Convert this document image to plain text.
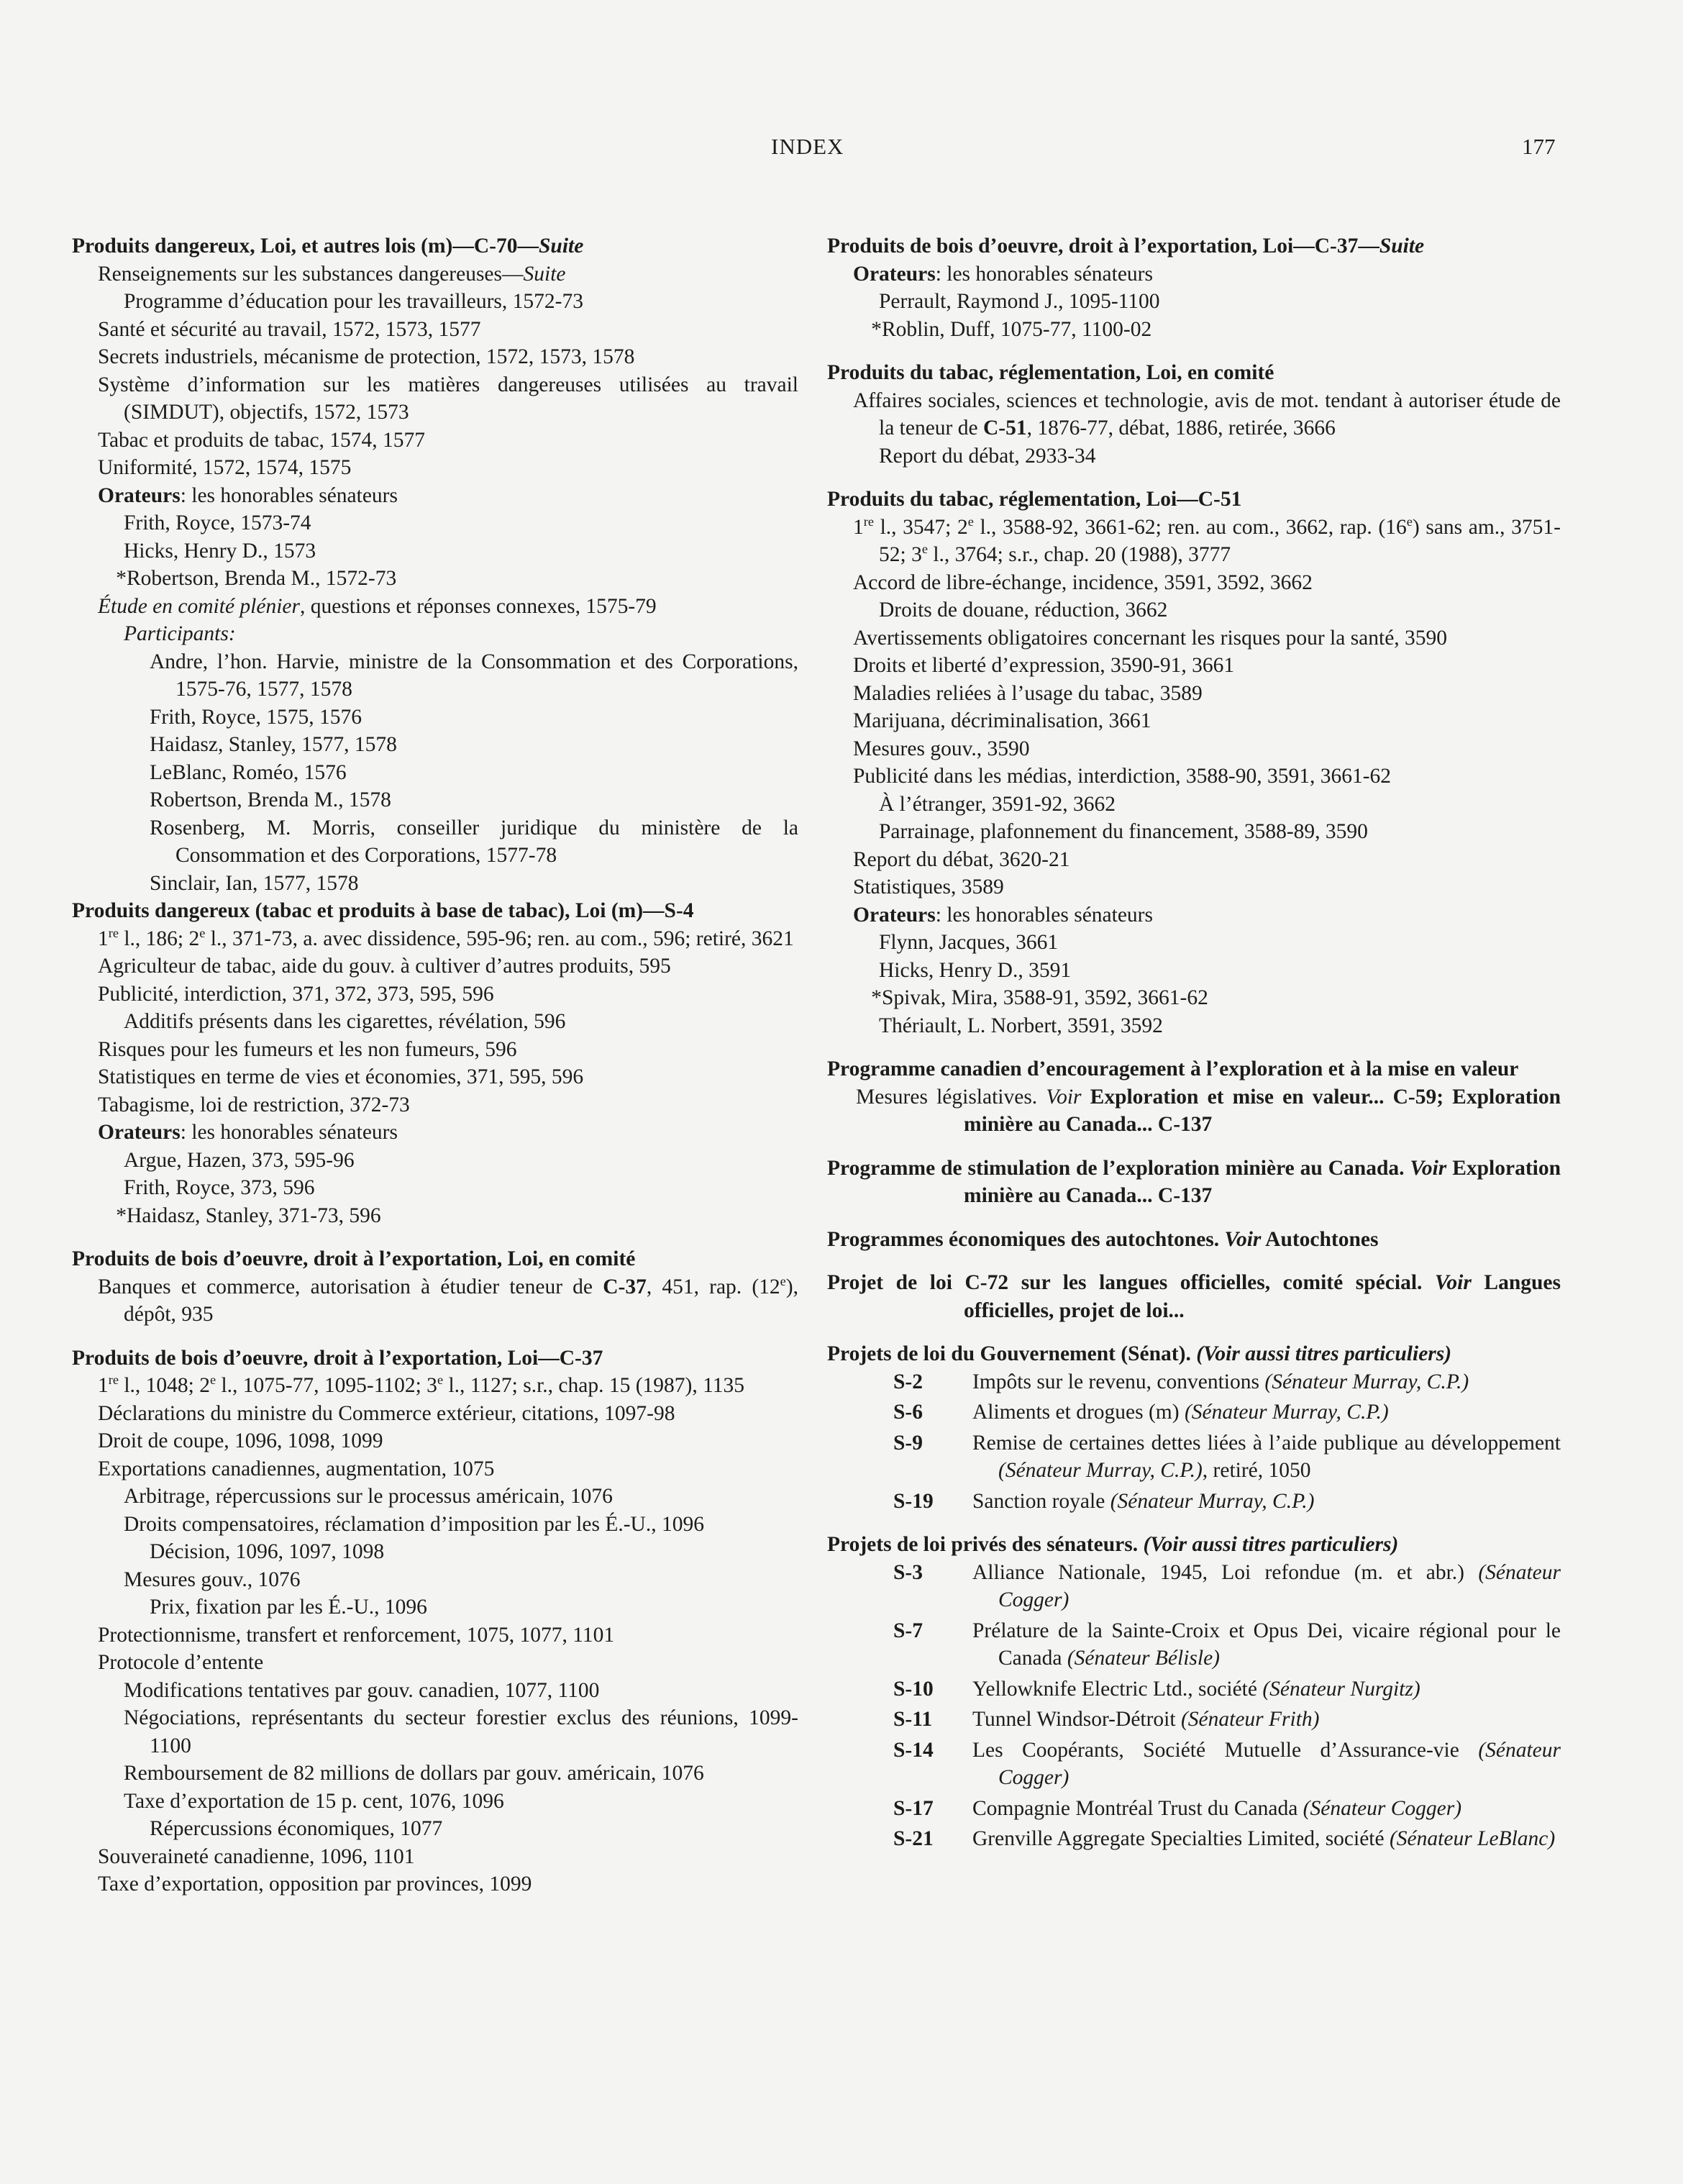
INDEX	177
Produits dangereux, Loi, et autres lois (m)—C-70—Suite
Renseignements sur les substances dangereuses—Suite
Programme d’éducation pour les travailleurs, 1572-73
Santé et sécurité au travail, 1572, 1573, 1577
Secrets industriels, mécanisme de protection, 1572, 1573, 1578
Système d’information sur les matières dangereuses utilisées au travail (SIMDUT), objectifs, 1572, 1573
Tabac et produits de tabac, 1574, 1577
Uniformité, 1572, 1574, 1575
Orateurs: les honorables sénateurs
Frith, Royce, 1573-74
Hicks, Henry D., 1573
*Robertson, Brenda M., 1572-73
Étude en comité plénier, questions et réponses connexes, 1575-79
Participants:
Andre, l’hon. Harvie, ministre de la Consommation et des Corporations, 1575-76, 1577, 1578
Frith, Royce, 1575, 1576
Haidasz, Stanley, 1577, 1578
LeBlanc, Roméo, 1576
Robertson, Brenda M., 1578
Rosenberg, M. Morris, conseiller juridique du ministère de la Consommation et des Corporations, 1577-78
Sinclair, Ian, 1577, 1578
Produits dangereux (tabac et produits à base de tabac), Loi (m)—S-4
1re l., 186; 2e l., 371-73, a. avec dissidence, 595-96; ren. au com., 596; retiré, 3621
Agriculteur de tabac, aide du gouv. à cultiver d’autres produits, 595
Publicité, interdiction, 371, 372, 373, 595, 596
Additifs présents dans les cigarettes, révélation, 596
Risques pour les fumeurs et les non fumeurs, 596
Statistiques en terme de vies et économies, 371, 595, 596
Tabagisme, loi de restriction, 372-73
Orateurs: les honorables sénateurs
Argue, Hazen, 373, 595-96
Frith, Royce, 373, 596
*Haidasz, Stanley, 371-73, 596
Produits de bois d’oeuvre, droit à l’exportation, Loi, en comité
Banques et commerce, autorisation à étudier teneur de C-37, 451, rap. (12e), dépôt, 935
Produits de bois d’oeuvre, droit à l’exportation, Loi—C-37
1re l., 1048; 2e l., 1075-77, 1095-1102; 3e l., 1127; s.r., chap. 15 (1987), 1135
Déclarations du ministre du Commerce extérieur, citations, 1097-98
Droit de coupe, 1096, 1098, 1099
Exportations canadiennes, augmentation, 1075
Arbitrage, répercussions sur le processus américain, 1076
Droits compensatoires, réclamation d’imposition par les É.-U., 1096
Décision, 1096, 1097, 1098
Mesures gouv., 1076
Prix, fixation par les É.-U., 1096
Protectionnisme, transfert et renforcement, 1075, 1077, 1101
Protocole d’entente
Modifications tentatives par gouv. canadien, 1077, 1100
Négociations, représentants du secteur forestier exclus des réunions, 1099-1100
Remboursement de 82 millions de dollars par gouv. américain, 1076
Taxe d’exportation de 15 p. cent, 1076, 1096
Répercussions économiques, 1077
Souveraineté canadienne, 1096, 1101
Taxe d’exportation, opposition par provinces, 1099
Produits de bois d’oeuvre, droit à l’exportation, Loi—C-37—Suite
Orateurs: les honorables sénateurs
Perrault, Raymond J., 1095-1100
*Roblin, Duff, 1075-77, 1100-02
Produits du tabac, réglementation, Loi, en comité
Affaires sociales, sciences et technologie, avis de mot. tendant à autoriser étude de la teneur de C-51, 1876-77, débat, 1886, retirée, 3666
Report du débat, 2933-34
Produits du tabac, réglementation, Loi—C-51
1re l., 3547; 2e l., 3588-92, 3661-62; ren. au com., 3662, rap. (16e) sans am., 3751-52; 3e l., 3764; s.r., chap. 20 (1988), 3777
Accord de libre-échange, incidence, 3591, 3592, 3662
Droits de douane, réduction, 3662
Avertissements obligatoires concernant les risques pour la santé, 3590
Droits et liberté d’expression, 3590-91, 3661
Maladies reliées à l’usage du tabac, 3589
Marijuana, décriminalisation, 3661
Mesures gouv., 3590
Publicité dans les médias, interdiction, 3588-90, 3591, 3661-62
À l’étranger, 3591-92, 3662
Parrainage, plafonnement du financement, 3588-89, 3590
Report du débat, 3620-21
Statistiques, 3589
Orateurs: les honorables sénateurs
Flynn, Jacques, 3661
Hicks, Henry D., 3591
*Spivak, Mira, 3588-91, 3592, 3661-62
Thériault, L. Norbert, 3591, 3592
Programme canadien d’encouragement à l’exploration et à la mise en valeur
Mesures législatives. Voir Exploration et mise en valeur... C-59; Exploration minière au Canada... C-137
Programme de stimulation de l’exploration minière au Canada. Voir Exploration minière au Canada... C-137
Programmes économiques des autochtones. Voir Autochtones
Projet de loi C-72 sur les langues officielles, comité spécial. Voir Langues officielles, projet de loi...
Projets de loi du Gouvernement (Sénat). (Voir aussi titres particuliers)
S-2	Impôts sur le revenu, conventions (Sénateur Murray, C.P.)
S-6	Aliments et drogues (m) (Sénateur Murray, C.P.)
S-9	Remise de certaines dettes liées à l’aide publique au développement (Sénateur Murray, C.P.), retiré, 1050
S-19	Sanction royale (Sénateur Murray, C.P.)
Projets de loi privés des sénateurs. (Voir aussi titres particuliers)
S-3	Alliance Nationale, 1945, Loi refondue (m. et abr.) (Sénateur Cogger)
S-7	Prélature de la Sainte-Croix et Opus Dei, vicaire régional pour le Canada (Sénateur Bélisle)
S-10	Yellowknife Electric Ltd., société (Sénateur Nurgitz)
S-11	Tunnel Windsor-Détroit (Sénateur Frith)
S-14	Les Coopérants, Société Mutuelle d’Assurance-vie (Sénateur Cogger)
S-17	Compagnie Montréal Trust du Canada (Sénateur Cogger)
S-21	Grenville Aggregate Specialties Limited, société (Sénateur LeBlanc)
